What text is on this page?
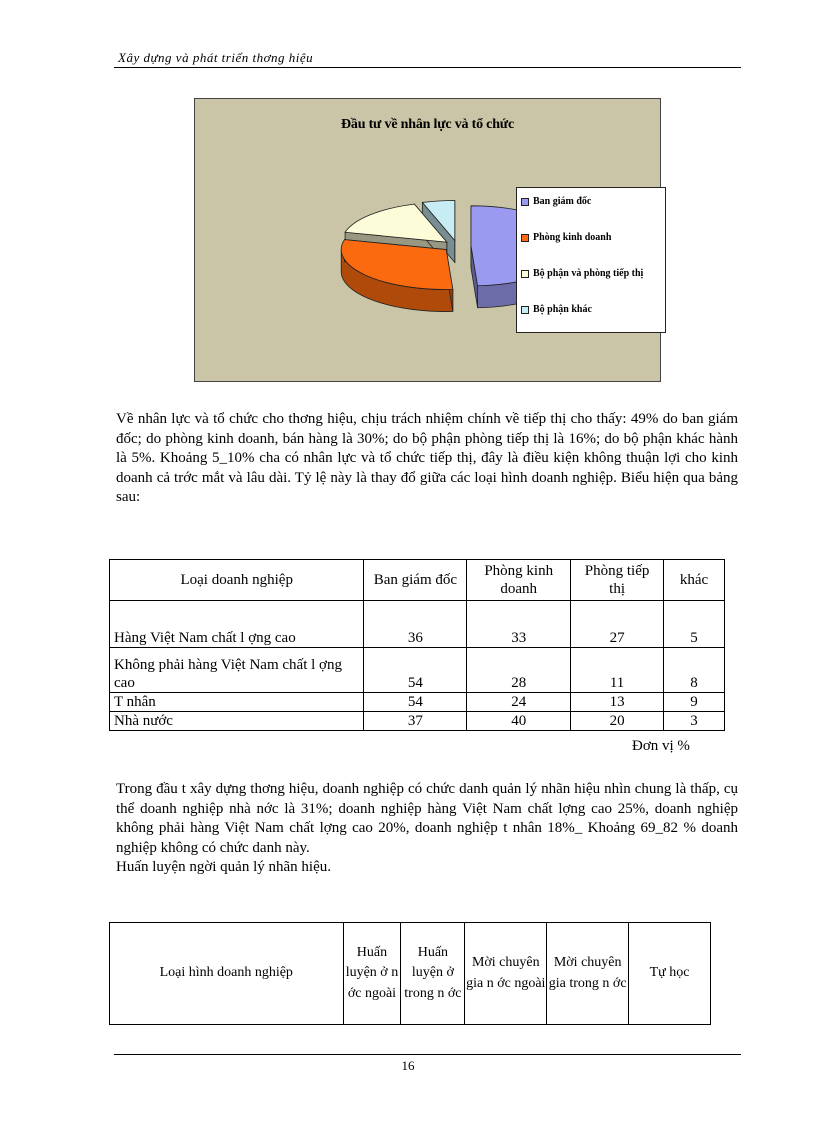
Xây dựng và phát triển thơng hiệu
Đầu tư về nhân lực và tổ chức
Ban giám đốc
Phòng kinh doanh
Bộ phận và phòng tiếp thị
Bộ phận khác

Về nhân lực và tổ chức cho thơng hiệu, chịu trách nhiệm chính về tiếp thị cho thấy: 49% do ban giám đốc; do phòng kinh doanh, bán hàng là 30%; do bộ phận phòng tiếp thị là 16%; do bộ phận khác hành là 5%. Khoảng 5_10% cha có nhân lực và tổ chức tiếp thị, đây là điều kiện không thuận lợi cho kinh doanh cả trớc mắt và lâu dài. Tỷ lệ này là thay đổ giữa các loại hình doanh nghiệp. Biểu hiện qua bảng sau:

Loại doanh nghiệp	Ban giám đốc	Phòng kinh doanh	Phòng tiếp thị	khác
Hàng Việt Nam chất l ợng cao	36	33	27	5
Không phải hàng Việt Nam chất l ợng cao	54	28	11	8
T nhân	54	24	13	9
Nhà nước	37	40	20	3
Đơn vị %

Trong đầu t xây dựng thơng hiệu, doanh nghiệp có chức danh quản lý nhãn hiệu nhìn chung là thấp, cụ thể doanh nghiệp nhà nớc là 31%; doanh nghiệp hàng Việt Nam chất lợng cao 25%, doanh nghiệp không phải hàng Việt Nam chất lợng cao 20%, doanh nghiệp t nhân 18%_ Khoảng 69_82 % doanh nghiệp không có chức danh này.

Huấn luyện ngời quản lý nhãn hiệu.

Loại hình doanh nghiệp	Huấn luyện ở n ớc ngoài	Huấn luyện ở trong n ớc	Mời chuyên gia n ớc ngoài	Mời chuyên gia trong n ớc	Tự học
16
